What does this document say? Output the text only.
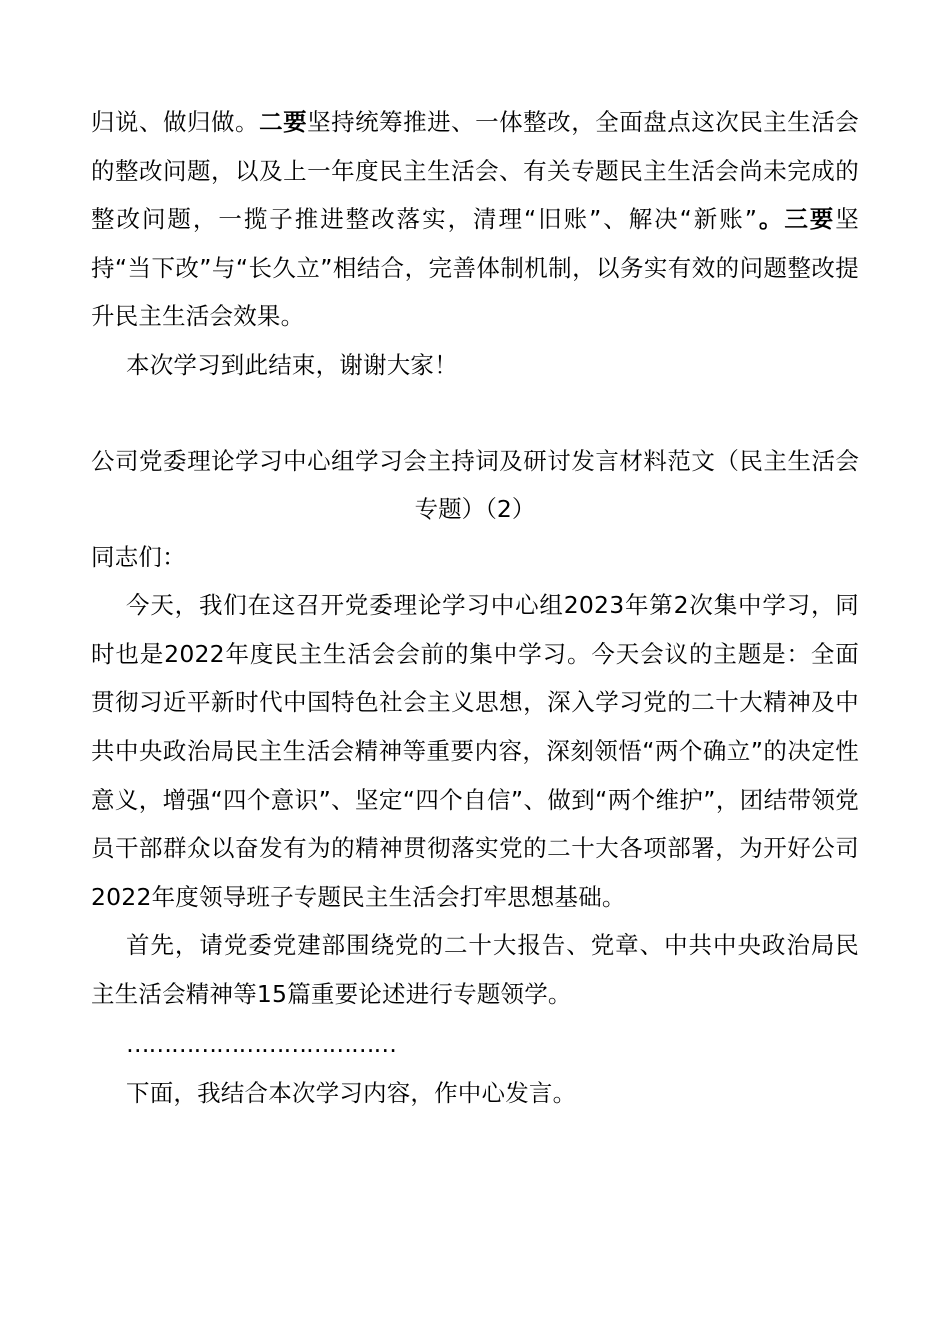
归说、做归做。二要坚持统筹推进、一体整改，全面盘点这次民主生活会的整改问题，以及上一年度民主生活会、有关专题民主生活会尚未完成的整改问题，一揽子推进整改落实，清理“旧账”、解决“新账”。三要坚持“当下改”与“长久立”相结合，完善体制机制，以务实有效的问题整改提升民主生活会效果。

本次学习到此结束，谢谢大家！

公司党委理论学习中心组学习会主持词及研讨发言材料范文（民主生活会
专题）（2）

同志们：

今天，我们在这召开党委理论学习中心组2023年第2次集中学习，同时也是2022年度民主生活会会前的集中学习。今天会议的主题是：全面贯彻习近平新时代中国特色社会主义思想，深入学习党的二十大精神及中共中央政治局民主生活会精神等重要内容，深刻领悟“两个确立”的决定性意义，增强“四个意识”、坚定“四个自信”、做到“两个维护”，团结带领党员干部群众以奋发有为的精神贯彻落实党的二十大各项部署，为开好公司2022年度领导班子专题民主生活会打牢思想基础。

首先，请党委党建部围绕党的二十大报告、党章、中共中央政治局民主生活会精神等15篇重要论述进行专题领学。

………………………………

下面，我结合本次学习内容，作中心发言。
